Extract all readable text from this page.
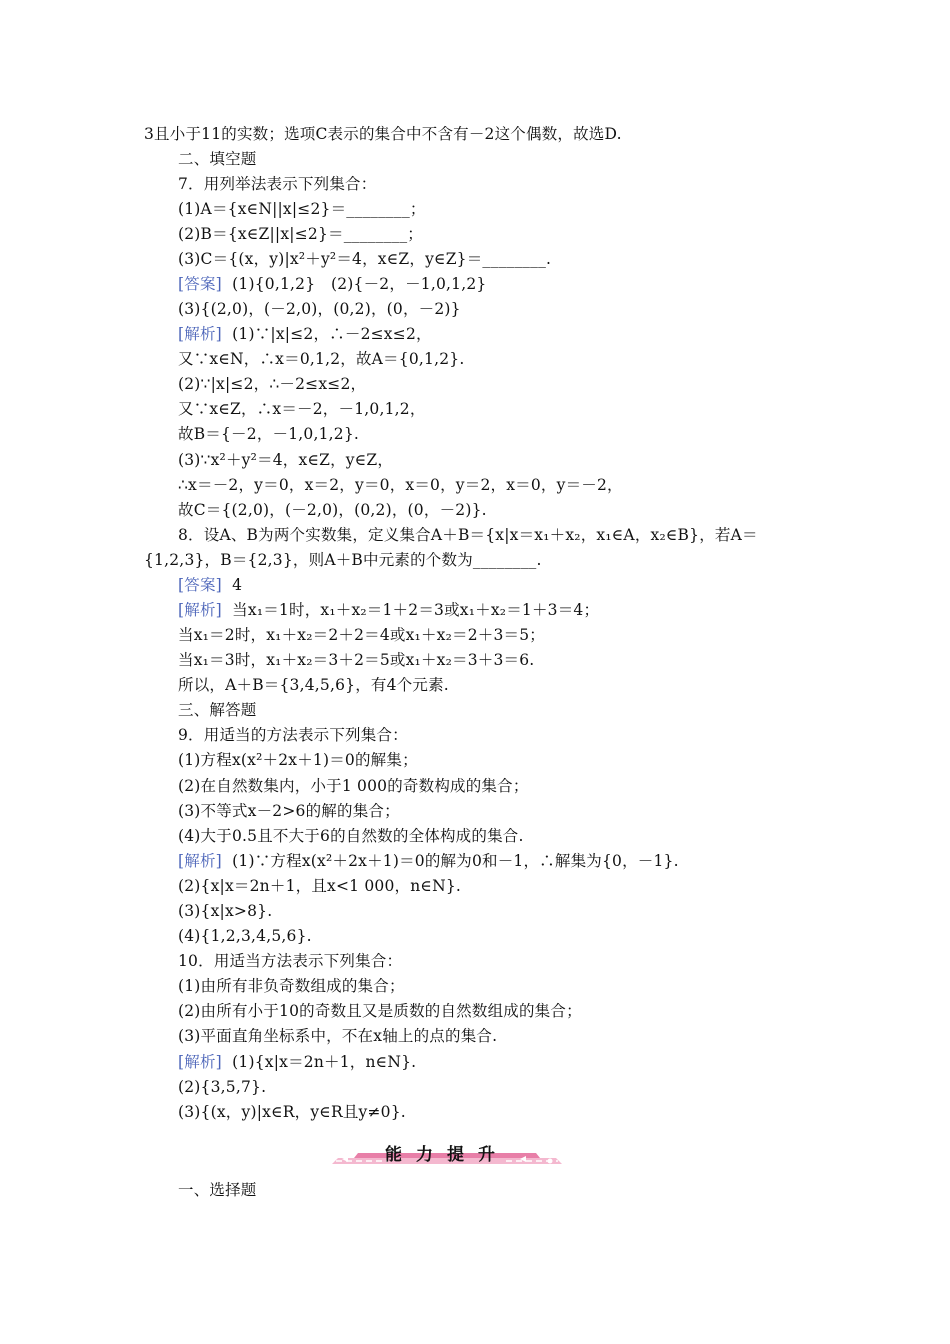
3且小于11的实数；选项C表示的集合中不含有－2这个偶数，故选D.
二、填空题
7．用列举法表示下列集合：
(1)A＝{x∈N||x|≤2}＝________；
(2)B＝{x∈Z||x|≤2}＝________；
(3)C＝{(x，y)|x²＋y²＝4，x∈Z，y∈Z}＝________.
[答案] (1){0,1,2}　(2){－2，－1,0,1,2}
(3){(2,0)，(－2,0)，(0,2)，(0，－2)}
[解析] (1)∵|x|≤2，∴－2≤x≤2，
又∵x∈N，∴x＝0,1,2，故A＝{0,1,2}.
(2)∵|x|≤2，∴－2≤x≤2，
又∵x∈Z，∴x＝－2，－1,0,1,2，
故B＝{－2，－1,0,1,2}.
(3)∵x²＋y²＝4，x∈Z，y∈Z，
∴x＝－2，y＝0，x＝2，y＝0，x＝0，y＝2，x＝0，y＝－2，
故C＝{(2,0)，(－2,0)，(0,2)，(0，－2)}.
8．设A、B为两个实数集，定义集合A＋B＝{x|x＝x₁＋x₂，x₁∈A，x₂∈B}，若A＝
{1,2,3}，B＝{2,3}，则A＋B中元素的个数为________.
[答案] 4
[解析] 当x₁＝1时，x₁＋x₂＝1＋2＝3或x₁＋x₂＝1＋3＝4；
当x₁＝2时，x₁＋x₂＝2＋2＝4或x₁＋x₂＝2＋3＝5；
当x₁＝3时，x₁＋x₂＝3＋2＝5或x₁＋x₂＝3＋3＝6.
所以，A＋B＝{3,4,5,6}，有4个元素.
三、解答题
9．用适当的方法表示下列集合：
(1)方程x(x²＋2x＋1)＝0的解集；
(2)在自然数集内，小于1 000的奇数构成的集合；
(3)不等式x－2>6的解的集合；
(4)大于0.5且不大于6的自然数的全体构成的集合.
[解析] (1)∵方程x(x²＋2x＋1)＝0的解为0和－1，∴解集为{0，－1}.
(2){x|x＝2n＋1，且x<1 000，n∈N}.
(3){x|x>8}.
(4){1,2,3,4,5,6}.
10．用适当方法表示下列集合：
(1)由所有非负奇数组成的集合；
(2)由所有小于10的奇数且又是质数的自然数组成的集合；
(3)平面直角坐标系中，不在x轴上的点的集合.
[解析] (1){x|x＝2n＋1，n∈N}.
(2){3,5,7}.
(3){(x，y)|x∈R，y∈R且y≠0}.
能力提升
一、选择题
